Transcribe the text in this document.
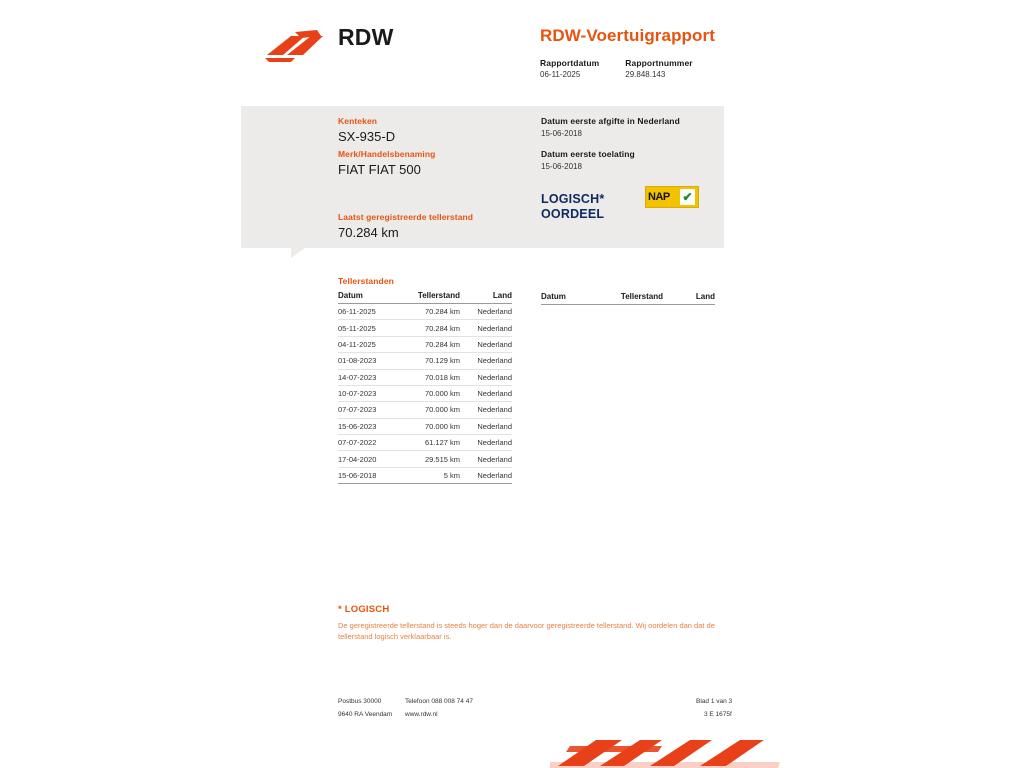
RDW	RDW-Voertuigrapport
Rapportdatum
06-11-2025
Rapportnummer
29.848.143
Kenteken
SX-935-D
Merk/Handelsbenaming
FIAT FIAT 500
Laatst geregistreerde tellerstand
70.284 km
Datum eerste afgifte in Nederland
15-06-2018
Datum eerste toelating
15-06-2018
LOGISCH*
OORDEEL
NAP ✔
Tellerstanden
Datum	Tellerstand	Land
06-11-2025	70.284 km	Nederland
05-11-2025	70.284 km	Nederland
04-11-2025	70.284 km	Nederland
01-08-2023	70.129 km	Nederland
14-07-2023	70.018 km	Nederland
10-07-2023	70.000 km	Nederland
07-07-2023	70.000 km	Nederland
15-06-2023	70.000 km	Nederland
07-07-2022	61.127 km	Nederland
17-04-2020	29.515 km	Nederland
15-06-2018	5 km	Nederland
Datum	Tellerstand	Land
* LOGISCH
De geregistreerde tellerstand is steeds hoger dan de daarvoor geregistreerde tellerstand. Wij oordelen dan dat de tellerstand logisch verklaarbaar is.
Postbus 30000
9640 RA Veendam
Telefoon 088 008 74 47
www.rdw.nl
Blad 1 van 3
3 E 1675f
